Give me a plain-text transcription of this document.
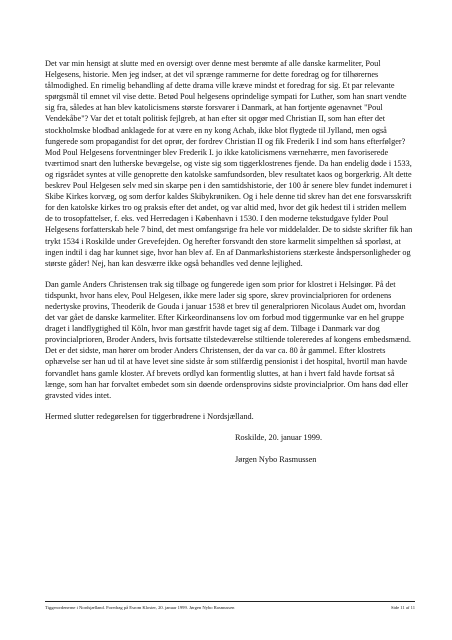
Det var min hensigt at slutte med en oversigt over denne mest berømte af alle danske karmeliter, Poul Helgesens, historie. Men jeg indser, at det vil sprænge rammerne for dette foredrag og for tilhørernes tålmodighed. En rimelig behandling af dette drama ville kræve mindst et foredrag for sig. Et par relevante spørgsmål til emnet vil vise dette. Betød Poul helgesens oprindelige sympati for Luther, som han snart vendte sig fra, således at han blev katolicismens største forsvarer i Danmark, at han fortjente øgenavnet "Poul Vendekåbe"? Var det et totalt politisk fejlgreb, at han efter sit opgør med Christian II, som han efter det stockholmske blodbad anklagede for at være en ny kong Achab, ikke blot flygtede til Jylland, men også fungerede som propagandist for det oprør, der fordrev Christian II og fik Frederik I ind som hans efterfølger? Mod Poul Helgesens forventninger blev Frederik I. jo ikke katolicismens værnehærre, men favoriserede tværtimod snart den lutherske bevægelse, og viste sig som tiggerklostrenes fjende. Da han endelig døde i 1533, og rigsrådet syntes at ville genoprette den katolske samfundsorden, blev resultatet kaos og borgerkrig. Alt dette beskrev Poul Helgesen selv med sin skarpe pen i den samtidshistorie, der 100 år senere blev fundet indemuret i Skibe Kirkes korvæg, og som derfor kaldes Skibykrøniken. Og i hele denne tid skrev han det ene forsvarsskrift for den katolske kirkes tro og praksis efter det andet, og var altid med, hvor det gik hedest til i striden mellem de to trosopfattelser, f. eks. ved Herredagen i København i 1530. I den moderne tekstudgave fylder Poul Helgesens forfatterskab hele 7 bind, det mest omfangsrige fra hele vor middelalder. De to sidste skrifter fik han trykt 1534 i Roskilde under Grevefejden. Og herefter forsvandt den store karmelit simpelthen så sporløst, at ingen indtil i dag har kunnet sige, hvor han blev af. En af Danmarkshistoriens stærkeste åndspersonligheder og største gåder! Nej, han kan desværre ikke også behandles ved denne lejlighed.

Dan gamle Anders Christensen trak sig tilbage og fungerede igen som prior for klostret i Helsingør. På det tidspunkt, hvor hans elev, Poul Helgesen, ikke mere lader sig spore, skrev provincialprioren for ordenens nedertyske provins, Theoderik de Gouda i januar 1538 et brev til generalprioren Nicolaus Audet om, hvordan det var gået de danske karmeliter. Efter Kirkeordinansens lov om forbud mod tiggermunke var en hel gruppe draget i landflygtighed til Köln, hvor man gæstfrit havde taget sig af dem. Tilbage i Danmark var dog provincialprioren, Broder Anders, hvis fortsatte tilstedeværelse stiltiende tolereredes af kongens embedsmænd. Det er det sidste, man hører om broder Anders Christensen, der da var ca. 80 år gammel. Efter klostrets ophævelse ser han ud til at have levet sine sidste år som stilfærdig pensionist i det hospital, hvortil man havde forvandlet hans gamle kloster. Af brevets ordlyd kan formentlig sluttes, at han i hvert fald havde fortsat så længe, som han har forvaltet embedet som sin døende ordensprovins sidste provincialprior. Om hans død eller gravsted vides intet.

Hermed slutter redegørelsen for tiggerbrødrene i Nordsjælland.

Roskilde, 20. januar 1999.

Jørgen Nybo Rasmussen

Tiggerordenerne i Nordsjælland. Foredrag på Esrom Kloster, 20. januar 1999. Jørgen Nybo Rasmussen	Side 11 af 11
